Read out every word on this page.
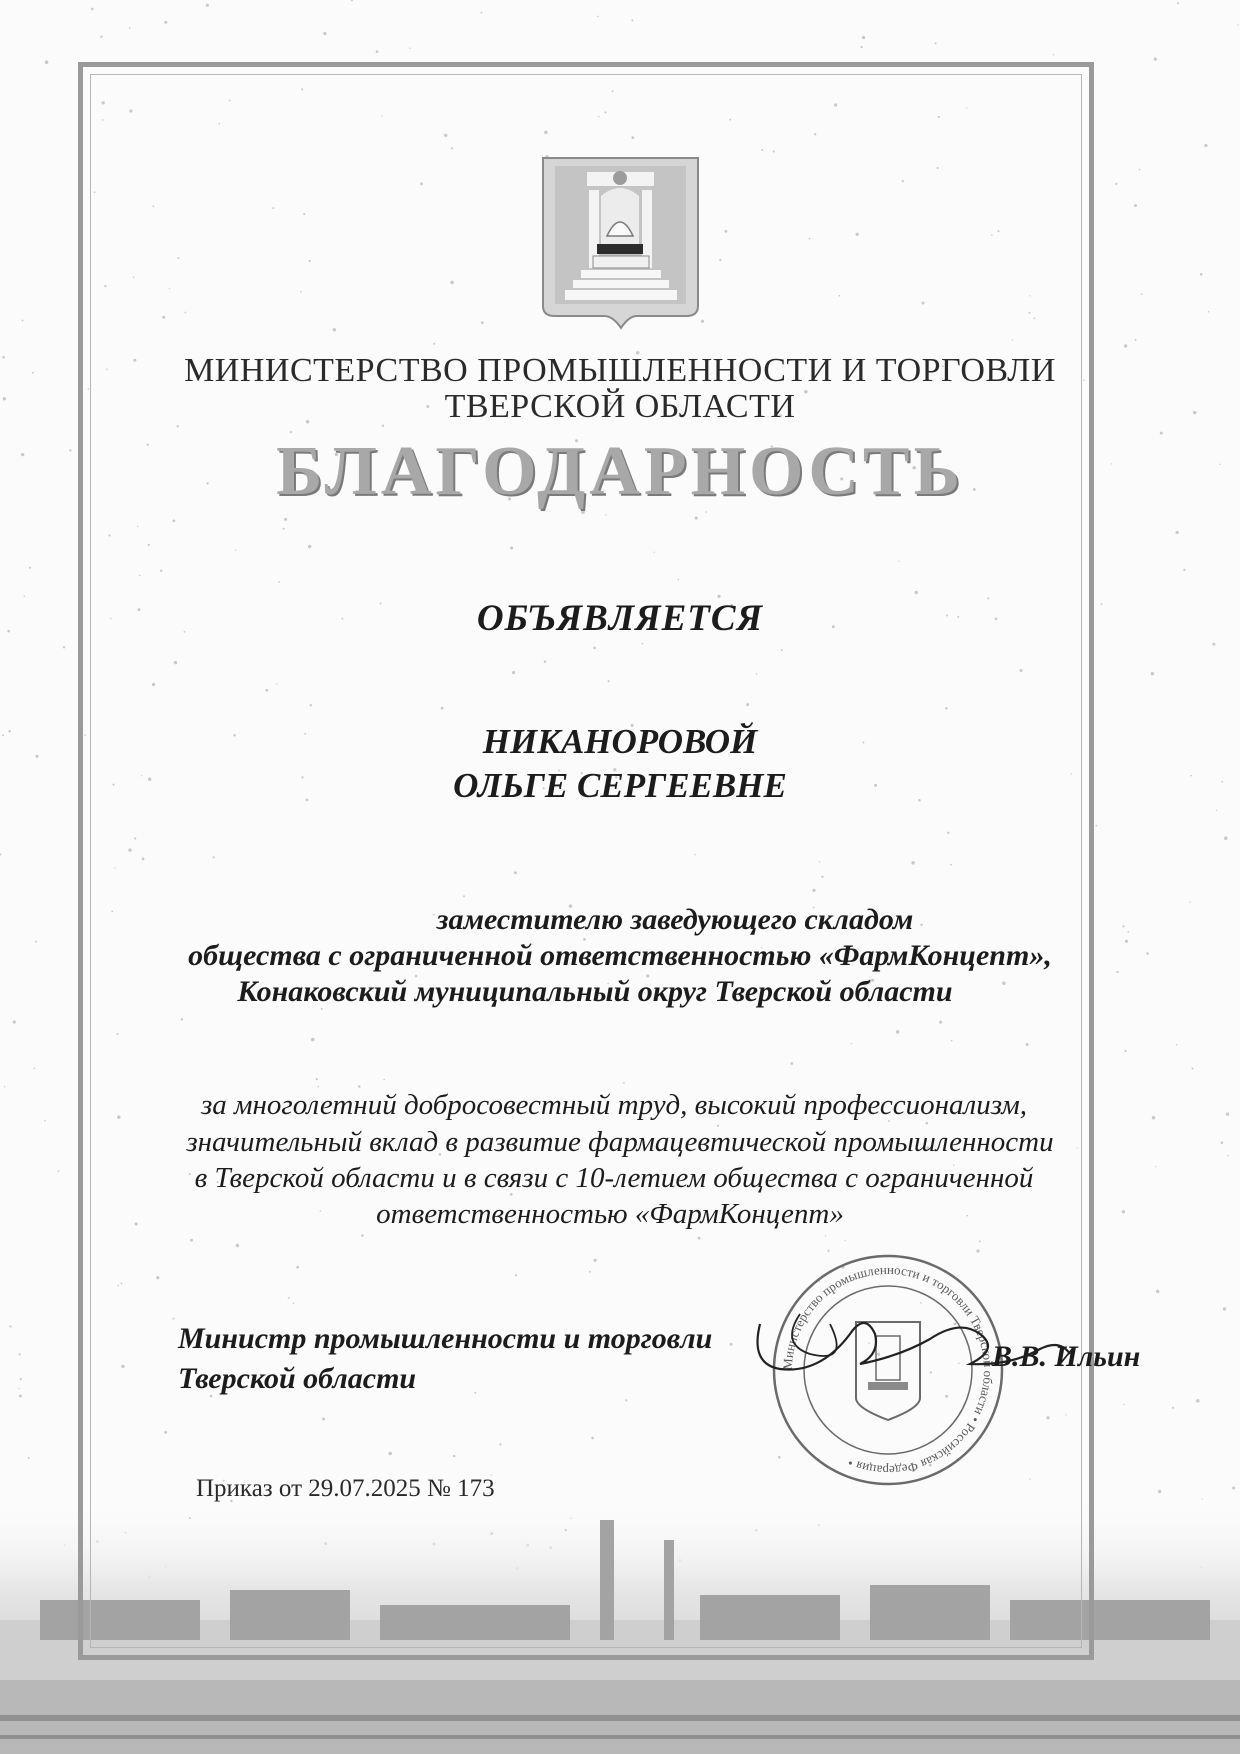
МИНИСТЕРСТВО ПРОМЫШЛЕННОСТИ И ТОРГОВЛИ
ТВЕРСКОЙ ОБЛАСТИ
БЛАГОДАРНОСТЬ
ОБЪЯВЛЯЕТСЯ
НИКАНОРОВОЙ
ОЛЬГЕ СЕРГЕЕВНЕ
заместителю заведующего складом
общества с ограниченной ответственностью «ФармКонцепт»,
Конаковский муниципальный округ Тверской области
за многолетний добросовестный труд, высокий профессионализм,
значительный вклад в развитие фармацевтической промышленности
в Тверской области и в связи с 10-летием общества с ограниченной
ответственностью «ФармКонцепт»
Министр промышленности и торговли
Тверской области	Министерство промышленности и торговли Тверской области • Российская Федерация •
В.В. Ильин
Приказ от 29.07.2025 № 173
